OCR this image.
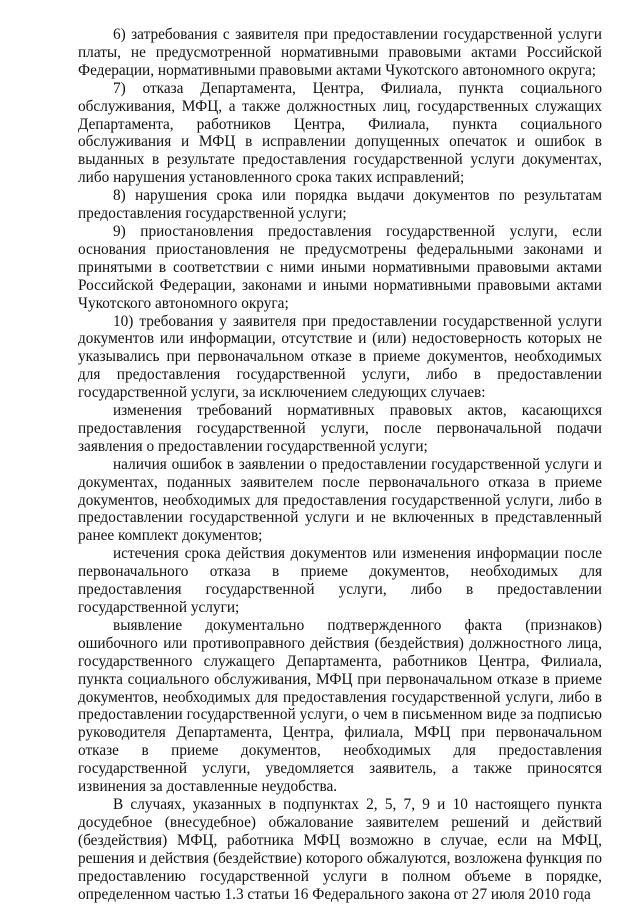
6) затребования с заявителя при предоставлении государственной услуги платы, не предусмотренной нормативными правовыми актами Российской Федерации, нормативными правовыми актами Чукотского автономного округа;

7) отказа Департамента, Центра, Филиала, пункта социального обслуживания, МФЦ, а также должностных лиц, государственных служащих Департамента, работников Центра, Филиала, пункта социального обслуживания и МФЦ в исправлении допущенных опечаток и ошибок в выданных в результате предоставления государственной услуги документах, либо нарушения установленного срока таких исправлений;

8) нарушения срока или порядка выдачи документов по результатам предоставления государственной услуги;

9) приостановления предоставления государственной услуги, если основания приостановления не предусмотрены федеральными законами и принятыми в соответствии с ними иными нормативными правовыми актами Российской Федерации, законами и иными нормативными правовыми актами Чукотского автономного округа;

10) требования у заявителя при предоставлении государственной услуги документов или информации, отсутствие и (или) недостоверность которых не указывались при первоначальном отказе в приеме документов, необходимых для предоставления государственной услуги, либо в предоставлении государственной услуги, за исключением следующих случаев:

изменения требований нормативных правовых актов, касающихся предоставления государственной услуги, после первоначальной подачи заявления о предоставлении государственной услуги;

наличия ошибок в заявлении о предоставлении государственной услуги и документах, поданных заявителем после первоначального отказа в приеме документов, необходимых для предоставления государственной услуги, либо в предоставлении государственной услуги и не включенных в представленный ранее комплект документов;

истечения срока действия документов или изменения информации после первоначального отказа в приеме документов, необходимых для предоставления государственной услуги, либо в предоставлении государственной услуги;

выявление документально подтвержденного факта (признаков) ошибочного или противоправного действия (бездействия) должностного лица, государственного служащего Департамента, работников Центра, Филиала, пункта социального обслуживания, МФЦ при первоначальном отказе в приеме документов, необходимых для предоставления государственной услуги, либо в предоставлении государственной услуги, о чем в письменном виде за подписью руководителя Департамента, Центра, филиала, МФЦ при первоначальном отказе в приеме документов, необходимых для предоставления государственной услуги, уведомляется заявитель, а также приносятся извинения за доставленные неудобства.

В случаях, указанных в подпунктах 2, 5, 7, 9 и 10 настоящего пункта досудебное (внесудебное) обжалование заявителем решений и действий (бездействия) МФЦ, работника МФЦ возможно в случае, если на МФЦ, решения и действия (бездействие) которого обжалуются, возложена функция по предоставлению государственной услуги в полном объеме в порядке, определенном частью 1.3 статьи 16 Федерального закона от 27 июля 2010 года
